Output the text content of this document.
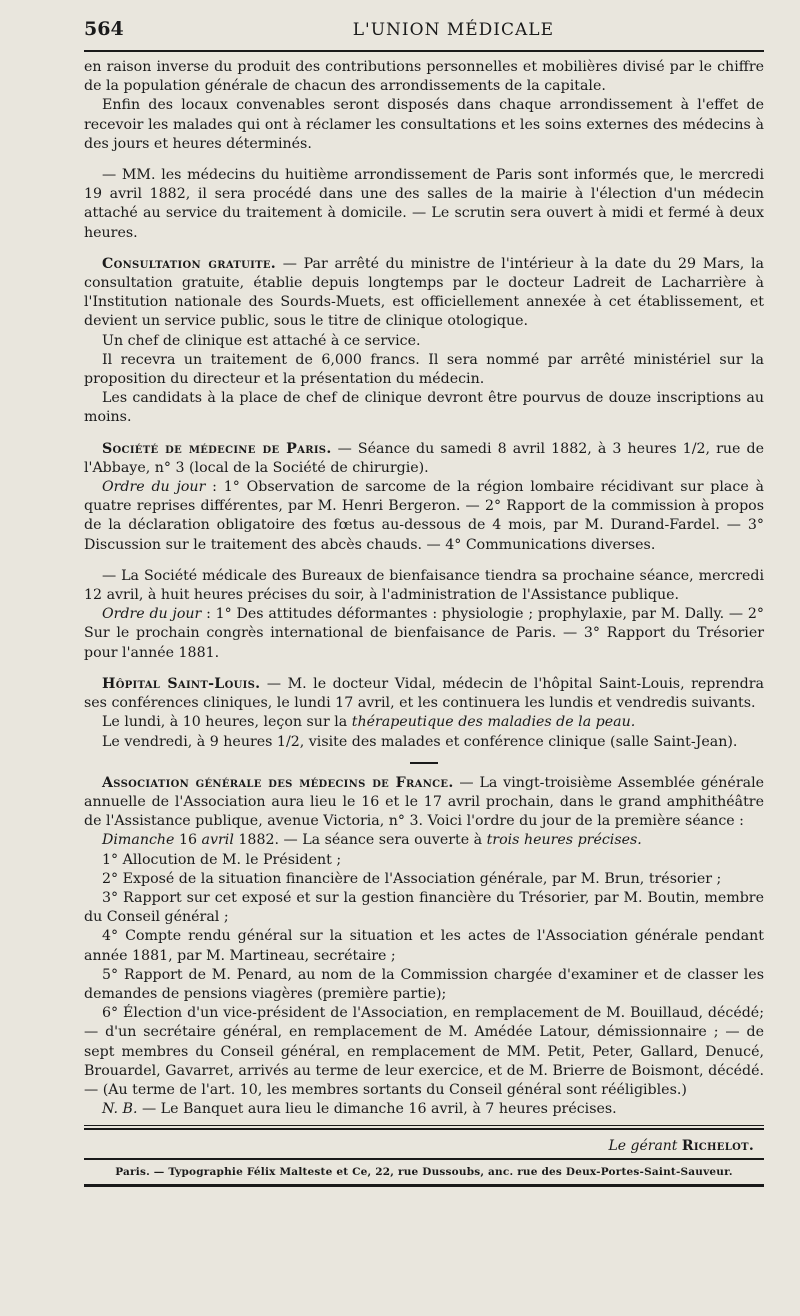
564	L'UNION MÉDICALE

en raison inverse du produit des contributions personnelles et mobilières divisé par le chiffre de la population générale de chacun des arrondissements de la capitale.

Enfin des locaux convenables seront disposés dans chaque arrondissement à l'effet de recevoir les malades qui ont à réclamer les consultations et les soins externes des médecins à des jours et heures déterminés.

— MM. les médecins du huitième arrondissement de Paris sont informés que, le mercredi 19 avril 1882, il sera procédé dans une des salles de la mairie à l'élection d'un médecin attaché au service du traitement à domicile. — Le scrutin sera ouvert à midi et fermé à deux heures.

Consultation gratuite. — Par arrêté du ministre de l'intérieur à la date du 29 Mars, la consultation gratuite, établie depuis longtemps par le docteur Ladreit de Lacharrière à l'Institution nationale des Sourds-Muets, est officiellement annexée à cet établissement, et devient un service public, sous le titre de clinique otologique.

Un chef de clinique est attaché à ce service.

Il recevra un traitement de 6,000 francs. Il sera nommé par arrêté ministériel sur la proposition du directeur et la présentation du médecin.

Les candidats à la place de chef de clinique devront être pourvus de douze inscriptions au moins.

Société de médecine de Paris. — Séance du samedi 8 avril 1882, à 3 heures 1/2, rue de l'Abbaye, n° 3 (local de la Société de chirurgie).

Ordre du jour : 1° Observation de sarcome de la région lombaire récidivant sur place à quatre reprises différentes, par M. Henri Bergeron. — 2° Rapport de la commission à propos de la déclaration obligatoire des fœtus au-dessous de 4 mois, par M. Durand-Fardel. — 3° Discussion sur le traitement des abcès chauds. — 4° Communications diverses.

— La Société médicale des Bureaux de bienfaisance tiendra sa prochaine séance, mercredi 12 avril, à huit heures précises du soir, à l'administration de l'Assistance publique.

Ordre du jour : 1° Des attitudes déformantes : physiologie ; prophylaxie, par M. Dally. — 2° Sur le prochain congrès international de bienfaisance de Paris. — 3° Rapport du Trésorier pour l'année 1881.

Hôpital Saint-Louis. — M. le docteur Vidal, médecin de l'hôpital Saint-Louis, reprendra ses conférences cliniques, le lundi 17 avril, et les continuera les lundis et vendredis suivants.

Le lundi, à 10 heures, leçon sur la thérapeutique des maladies de la peau.

Le vendredi, à 9 heures 1/2, visite des malades et conférence clinique (salle Saint-Jean).

Association générale des médecins de France. — La vingt-troisième Assemblée générale annuelle de l'Association aura lieu le 16 et le 17 avril prochain, dans le grand amphithéâtre de l'Assistance publique, avenue Victoria, n° 3. Voici l'ordre du jour de la première séance :

Dimanche 16 avril 1882. — La séance sera ouverte à trois heures précises.

1° Allocution de M. le Président ;

2° Exposé de la situation financière de l'Association générale, par M. Brun, trésorier ;

3° Rapport sur cet exposé et sur la gestion financière du Trésorier, par M. Boutin, membre du Conseil général ;

4° Compte rendu général sur la situation et les actes de l'Association générale pendant année 1881, par M. Martineau, secrétaire ;

5° Rapport de M. Penard, au nom de la Commission chargée d'examiner et de classer les demandes de pensions viagères (première partie);

6° Élection d'un vice-président de l'Association, en remplacement de M. Bouillaud, décédé; — d'un secrétaire général, en remplacement de M. Amédée Latour, démissionnaire ; — de sept membres du Conseil général, en remplacement de MM. Petit, Peter, Gallard, Denucé, Brouardel, Gavarret, arrivés au terme de leur exercice, et de M. Brierre de Boismont, décédé. — (Au terme de l'art. 10, les membres sortants du Conseil général sont rééligibles.)

N. B. — Le Banquet aura lieu le dimanche 16 avril, à 7 heures précises.

Le gérant Richelot.
Paris. — Typographie Félix Malteste et Ce, 22, rue Dussoubs, anc. rue des Deux-Portes-Saint-Sauveur.
